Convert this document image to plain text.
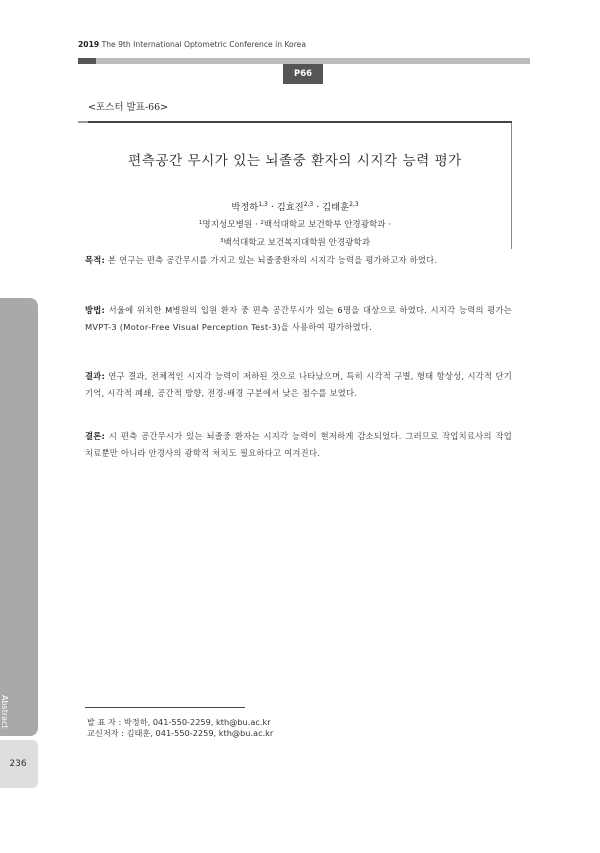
2019 The 9th International Optometric Conference in Korea
P66
<포스터 발표-66>
편측공간 무시가 있는 뇌졸중 환자의 시지각 능력 평가
박정하$^{1,3}$ · 김효진$^{2,3}$ · 김태훈$^{2,3}$
$^1$명지성모병원 · $^2$백석대학교 보건학부 안경광학과 ·
$^3$백석대학교 보건복지대학원 안경광학과
목적: 본 연구는 편측 공간무시를 가지고 있는 뇌졸중환자의 시지각 능력을 평가하고자 하였다.
방법: 서울에 위치한 M병원의 입원 환자 중 편측 공간무시가 있는 6명을 대상으로 하였다. 시지각 능력의 평가는 MVPT-3 (Motor-Free Visual Perception Test-3)을 사용하여 평가하였다.
결과: 연구 결과, 전체적인 시지각 능력이 저하된 것으로 나타났으며, 특히 시각적 구별, 형태 항상성, 시각적 단기 기억, 시각적 폐쇄, 공간적 방향, 전경-배경 구분에서 낮은 점수를 보였다.
결론: 시 편측 공간무시가 있는 뇌졸중 환자는 시지각 능력이 현저하게 감소되었다. 그러므로 작업치료사의 작업 치료뿐만 아니라 안경사의 광학적 처치도 필요하다고 여겨진다.
Abstract
236
발 표 자 : 박정하, 041-550-2259, kth@bu.ac.kr
교신저자 : 김태훈, 041-550-2259, kth@bu.ac.kr
